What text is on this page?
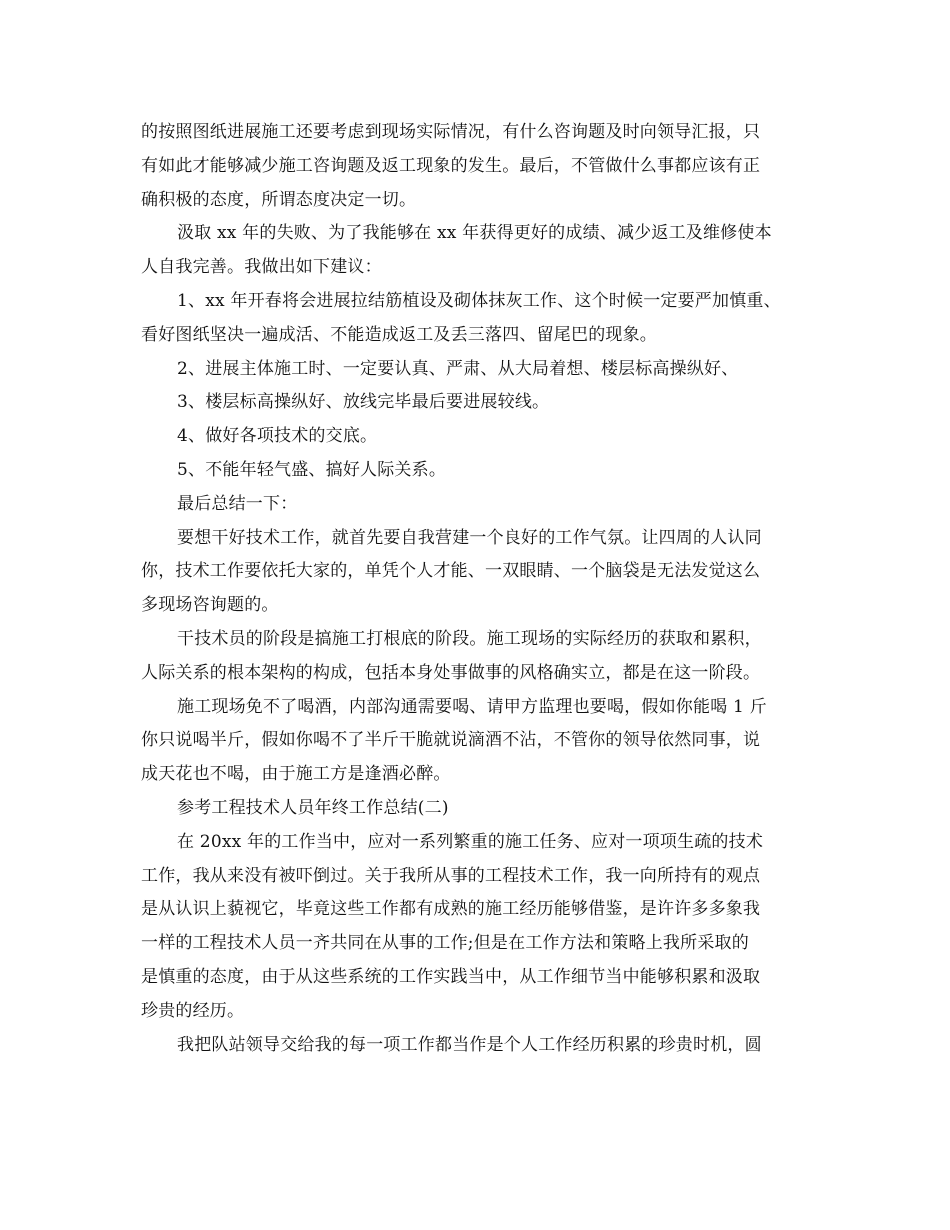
的按照图纸进展施工还要考虑到现场实际情况，有什么咨询题及时向领导汇报，只
有如此才能够减少施工咨询题及返工现象的发生。最后，不管做什么事都应该有正
确积极的态度，所谓态度决定一切。
汲取 xx 年的失败、为了我能够在 xx 年获得更好的成绩、减少返工及维修使本
人自我完善。我做出如下建议：
1、xx 年开春将会进展拉结筋植设及砌体抹灰工作、这个时候一定要严加慎重、
看好图纸坚决一遍成活、不能造成返工及丢三落四、留尾巴的现象。
2、进展主体施工时、一定要认真、严肃、从大局着想、楼层标高操纵好、
3、楼层标高操纵好、放线完毕最后要进展较线。
4、做好各项技术的交底。
5、不能年轻气盛、搞好人际关系。
最后总结一下：
要想干好技术工作，就首先要自我营建一个良好的工作气氛。让四周的人认同
你，技术工作要依托大家的，单凭个人才能、一双眼睛、一个脑袋是无法发觉这么
多现场咨询题的。
干技术员的阶段是搞施工打根底的阶段。施工现场的实际经历的获取和累积，
人际关系的根本架构的构成，包括本身处事做事的风格确实立，都是在这一阶段。
施工现场免不了喝酒，内部沟通需要喝、请甲方监理也要喝，假如你能喝 1 斤
你只说喝半斤，假如你喝不了半斤干脆就说滴酒不沾，不管你的领导依然同事，说
成天花也不喝，由于施工方是逢酒必醉。
参考工程技术人员年终工作总结(二)
在 20xx 年的工作当中，应对一系列繁重的施工任务、应对一项项生疏的技术
工作，我从来没有被吓倒过。关于我所从事的工程技术工作，我一向所持有的观点
是从认识上藐视它，毕竟这些工作都有成熟的施工经历能够借鉴，是许许多多象我
一样的工程技术人员一齐共同在从事的工作;但是在工作方法和策略上我所采取的
是慎重的态度，由于从这些系统的工作实践当中，从工作细节当中能够积累和汲取
珍贵的经历。
我把队站领导交给我的每一项工作都当作是个人工作经历积累的珍贵时机，圆
